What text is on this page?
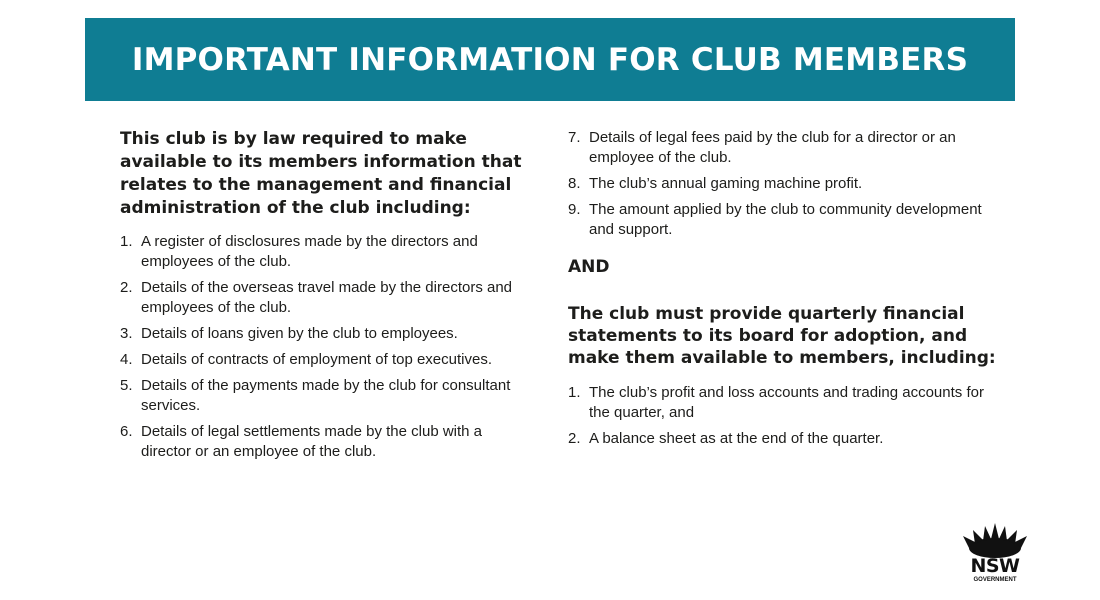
IMPORTANT INFORMATION FOR CLUB MEMBERS

This club is by law required to make available to its members information that relates to the management and financial administration of the club including:

1. A register of disclosures made by the directors and employees of the club.
2. Details of the overseas travel made by the directors and employees of the club.
3. Details of loans given by the club to employees.
4. Details of contracts of employment of top executives.
5. Details of the payments made by the club for consultant services.
6. Details of legal settlements made by the club with a director or an employee of the club.
7. Details of legal fees paid by the club for a director or an employee of the club.
8. The club’s annual gaming machine profit.
9. The amount applied by the club to community development and support.

AND

The club must provide quarterly financial statements to its board for adoption, and make them available to members, including:

1. The club’s profit and loss accounts and trading accounts for the quarter, and
2. A balance sheet as at the end of the quarter.
NSW
GOVERNMENT
